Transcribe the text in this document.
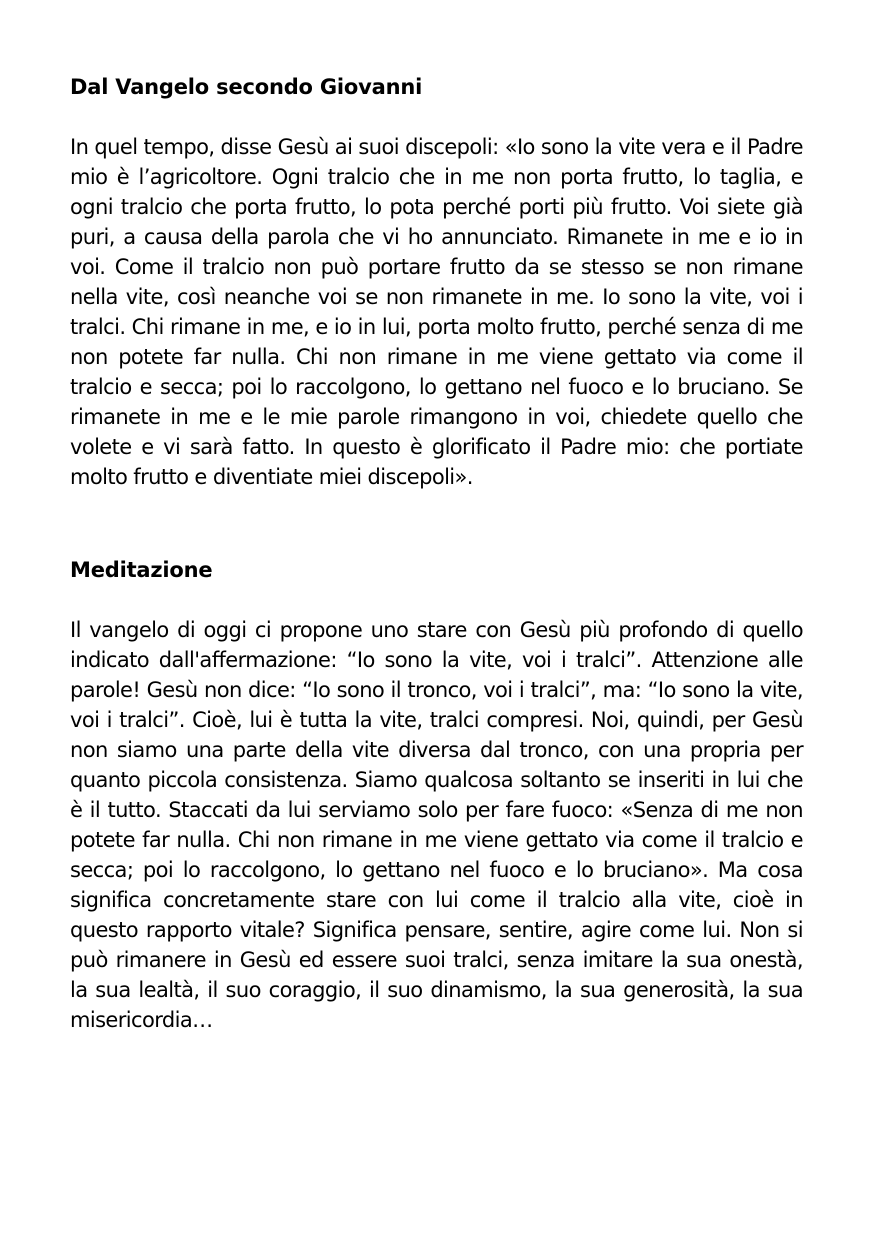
Dal Vangelo secondo Giovanni

In quel tempo, disse Gesù ai suoi discepoli: «Io sono la vite vera e il Padre mio è l’agricoltore. Ogni tralcio che in me non porta frutto, lo taglia, e ogni tralcio che porta frutto, lo pota perché porti più frutto. Voi siete già puri, a causa della parola che vi ho annunciato. Rimanete in me e io in voi. Come il tralcio non può portare frutto da se stesso se non rimane nella vite, così neanche voi se non rimanete in me. Io sono la vite, voi i tralci. Chi rimane in me, e io in lui, porta molto frutto, perché senza di me non potete far nulla. Chi non rimane in me viene gettato via come il tralcio e secca; poi lo raccolgono, lo gettano nel fuoco e lo bruciano. Se rimanete in me e le mie parole rimangono in voi, chiedete quello che volete e vi sarà fatto. In questo è glorificato il Padre mio: che portiate molto frutto e diventiate miei discepoli».

Meditazione

Il vangelo di oggi ci propone uno stare con Gesù più profondo di quello indicato dall'affermazione: “Io sono la vite, voi i tralci”. Attenzione alle parole! Gesù non dice: “Io sono il tronco, voi i tralci”, ma: “Io sono la vite, voi i tralci”. Cioè, lui è tutta la vite, tralci compresi. Noi, quindi, per Gesù non siamo una parte della vite diversa dal tronco, con una propria per quanto piccola consistenza. Siamo qualcosa soltanto se inseriti in lui che è il tutto. Staccati da lui serviamo solo per fare fuoco: «Senza di me non potete far nulla. Chi non rimane in me viene gettato via come il tralcio e secca; poi lo raccolgono, lo gettano nel fuoco e lo bruciano». Ma cosa significa concretamente stare con lui come il tralcio alla vite, cioè in questo rapporto vitale? Significa pensare, sentire, agire come lui. Non si può rimanere in Gesù ed essere suoi tralci, senza imitare la sua onestà, la sua lealtà, il suo coraggio, il suo dinamismo, la sua generosità, la sua misericordia…
